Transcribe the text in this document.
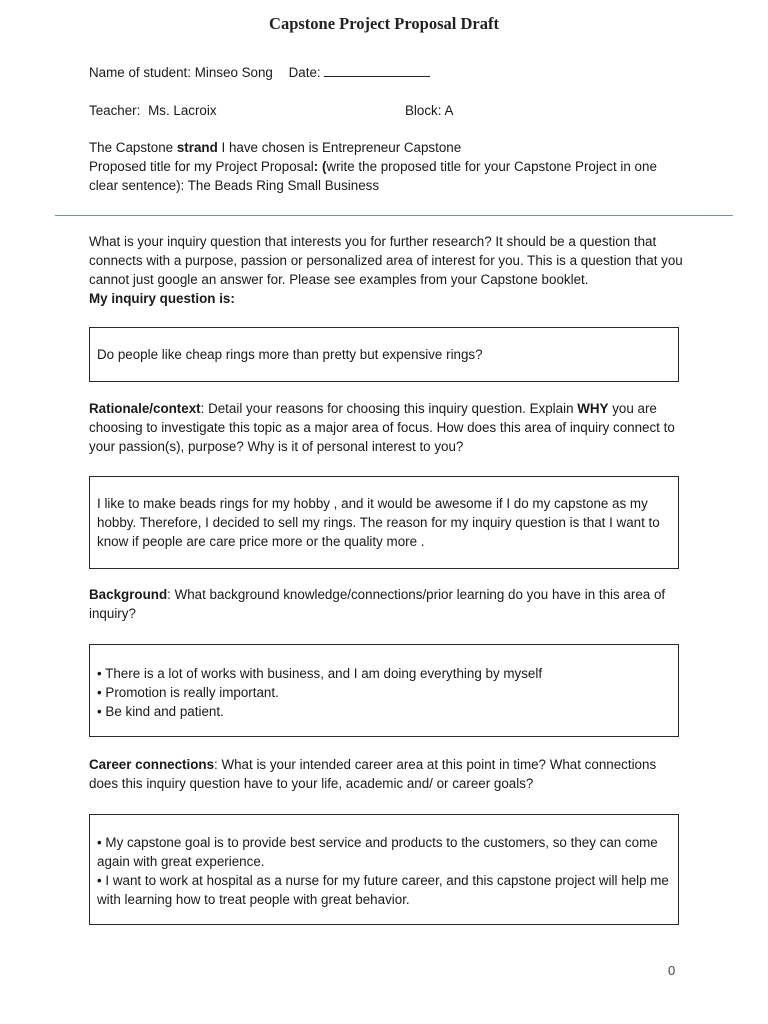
Capstone Project Proposal Draft
Name of student: Minseo Song Date:
Teacher: Ms. Lacroix	Block: A

The Capstone strand I have chosen is Entrepreneur Capstone

Proposed title for my Project Proposal: (write the proposed title for your Capstone Project in one clear sentence): The Beads Ring Small Business

What is your inquiry question that interests you for further research? It should be a question that connects with a purpose, passion or personalized area of interest for you. This is a question that you cannot just google an answer for. Please see examples from your Capstone booklet.

My inquiry question is:

Do people like cheap rings more than pretty but expensive rings?

Rationale/context: Detail your reasons for choosing this inquiry question. Explain WHY you are choosing to investigate this topic as a major area of focus. How does this area of inquiry connect to your passion(s), purpose? Why is it of personal interest to you?

I like to make beads rings for my hobby , and it would be awesome if I do my capstone as my hobby. Therefore, I decided to sell my rings. The reason for my inquiry question is that I want to know if people are care price more or the quality more .

Background: What background knowledge/connections/prior learning do you have in this area of inquiry?

• There is a lot of works with business, and I am doing everything by myself

• Promotion is really important.

• Be kind and patient.

Career connections: What is your intended career area at this point in time? What connections does this inquiry question have to your life, academic and/ or career goals?

• My capstone goal is to provide best service and products to the customers, so they can come again with great experience.

• I want to work at hospital as a nurse for my future career, and this capstone project will help me with learning how to treat people with great behavior.

0
